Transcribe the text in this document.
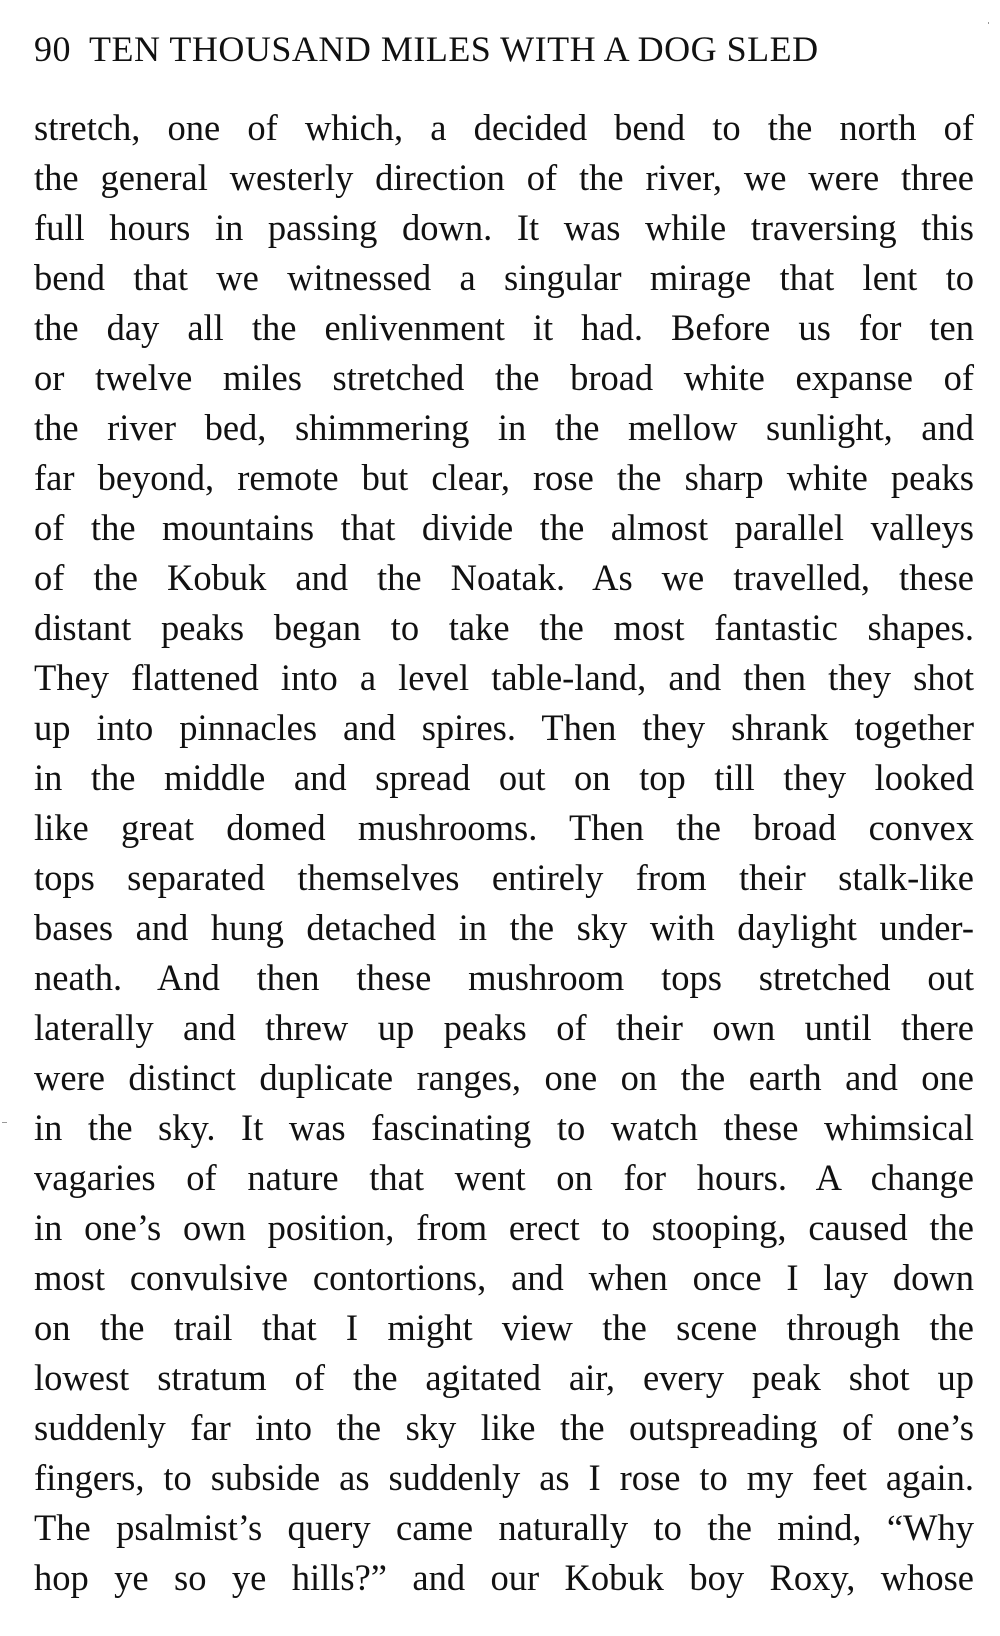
90 TEN THOUSAND MILES WITH A DOG SLED
stretch, one of which, a decided bend to the north of
the general westerly direction of the river, we were three
full hours in passing down. It was while traversing this
bend that we witnessed a singular mirage that lent to
the day all the enlivenment it had. Before us for ten
or twelve miles stretched the broad white expanse of
the river bed, shimmering in the mellow sunlight, and
far beyond, remote but clear, rose the sharp white peaks
of the mountains that divide the almost parallel valleys
of the Kobuk and the Noatak. As we travelled, these
distant peaks began to take the most fantastic shapes.
They flattened into a level table-land, and then they shot
up into pinnacles and spires. Then they shrank together
in the middle and spread out on top till they looked
like great domed mushrooms. Then the broad convex
tops separated themselves entirely from their stalk-like
bases and hung detached in the sky with daylight under-
neath. And then these mushroom tops stretched out
laterally and threw up peaks of their own until there
were distinct duplicate ranges, one on the earth and one
in the sky. It was fascinating to watch these whimsical
vagaries of nature that went on for hours. A change
in one’s own position, from erect to stooping, caused the
most convulsive contortions, and when once I lay down
on the trail that I might view the scene through the
lowest stratum of the agitated air, every peak shot up
suddenly far into the sky like the outspreading of one’s
fingers, to subside as suddenly as I rose to my feet again.
The psalmist’s query came naturally to the mind, “Why
hop ye so ye hills?” and our Kobuk boy Roxy, whose
